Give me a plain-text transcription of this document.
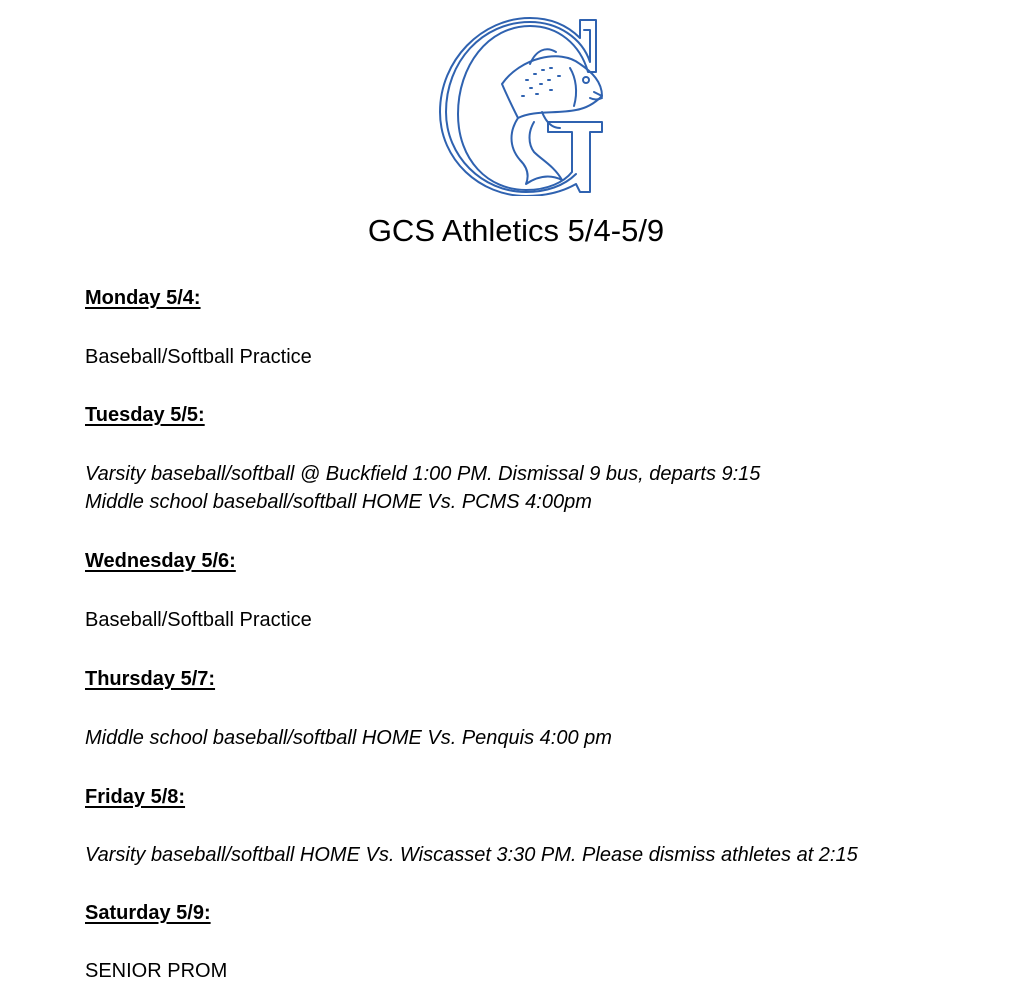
GCS Athletics 5/4-5/9
Monday 5/4:
Baseball/Softball Practice
Tuesday 5/5:
Varsity baseball/softball @ Buckfield 1:00 PM. Dismissal 9 bus, departs 9:15
Middle school baseball/softball HOME Vs. PCMS 4:00pm
Wednesday 5/6:
Baseball/Softball Practice
Thursday 5/7:
Middle school baseball/softball HOME Vs. Penquis 4:00 pm
Friday 5/8:
Varsity baseball/softball HOME Vs. Wiscasset 3:30 PM. Please dismiss athletes at 2:15
Saturday 5/9:
SENIOR PROM
